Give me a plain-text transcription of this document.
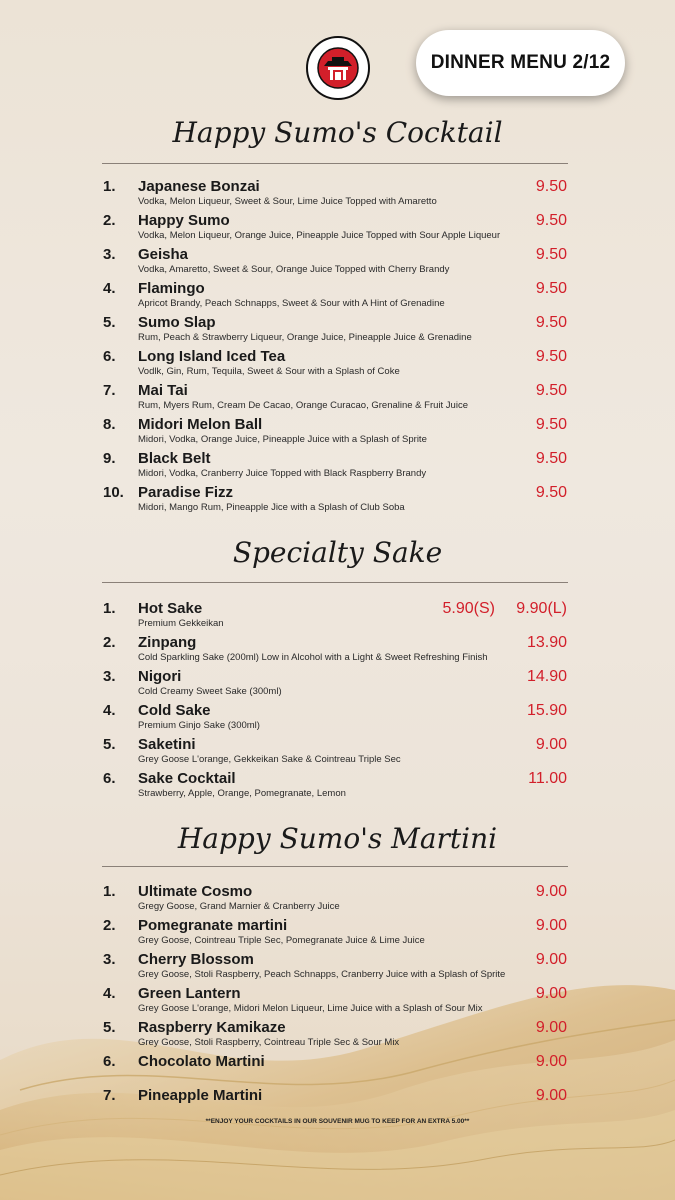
DINNER MENU 2/12
Happy Sumo's Cocktail
1. Japanese Bonzai
Vodka, Melon Liqueur, Sweet & Sour, Lime Juice Topped with Amaretto
9.50
2. Happy Sumo
Vodka, Melon Liqueur, Orange Juice, Pineapple Juice Topped with Sour Apple Liqueur
9.50
3. Geisha
Vodka, Amaretto, Sweet & Sour, Orange Juice Topped with Cherry Brandy
9.50
4. Flamingo
Apricot Brandy, Peach Schnapps, Sweet & Sour with A Hint of Grenadine
9.50
5. Sumo Slap
Rum, Peach & Strawberry Liqueur, Orange Juice, Pineapple Juice & Grenadine
9.50
6. Long Island Iced Tea
Vodlk, Gin, Rum, Tequila, Sweet & Sour with a Splash of Coke
9.50
7. Mai Tai
Rum, Myers Rum, Cream De Cacao, Orange Curacao, Grenaline & Fruit Juice
9.50
8. Midori Melon Ball
Midori, Vodka, Orange Juice, Pineapple Juice with a Splash of Sprite
9.50
9. Black Belt
Midori, Vodka, Cranberry Juice Topped with Black Raspberry Brandy
9.50
10. Paradise Fizz
Midori, Mango Rum, Pineapple Jice with a Splash of Club Soba
9.50
Specialty Sake
1. Hot Sake
Premium Gekkeikan
5.90(S) 9.90(L)
2. Zinpang
Cold Sparkling Sake (200ml) Low in Alcohol with a Light & Sweet Refreshing Finish
13.90
3. Nigori
Cold Creamy Sweet Sake (300ml)
14.90
4. Cold Sake
Premium Ginjo Sake (300ml)
15.90
5. Saketini
Grey Goose L'orange, Gekkeikan Sake & Cointreau Triple Sec
9.00
6. Sake Cocktail
Strawberry, Apple, Orange, Pomegranate, Lemon
11.00
Happy Sumo's Martini
1. Ultimate Cosmo
Gregy Goose, Grand Marnier & Cranberry Juice
9.00
2. Pomegranate martini
Grey Goose, Cointreau Triple Sec, Pomegranate Juice & Lime Juice
9.00
3. Cherry Blossom
Grey Goose, Stoli Raspberry, Peach Schnapps, Cranberry Juice with a Splash of Sprite
9.00
4. Green Lantern
Grey Goose L'orange, Midori Melon Liqueur, Lime Juice with a Splash of Sour Mix
9.00
5. Raspberry Kamikaze
Grey Goose, Stoli Raspberry, Cointreau Triple Sec & Sour Mix
9.00
6. Chocolato Martini	9.00
7. Pineapple Martini	9.00
**ENJOY YOUR COCKTAILS IN OUR SOUVENIR MUG TO KEEP FOR AN EXTRA 5.00**
